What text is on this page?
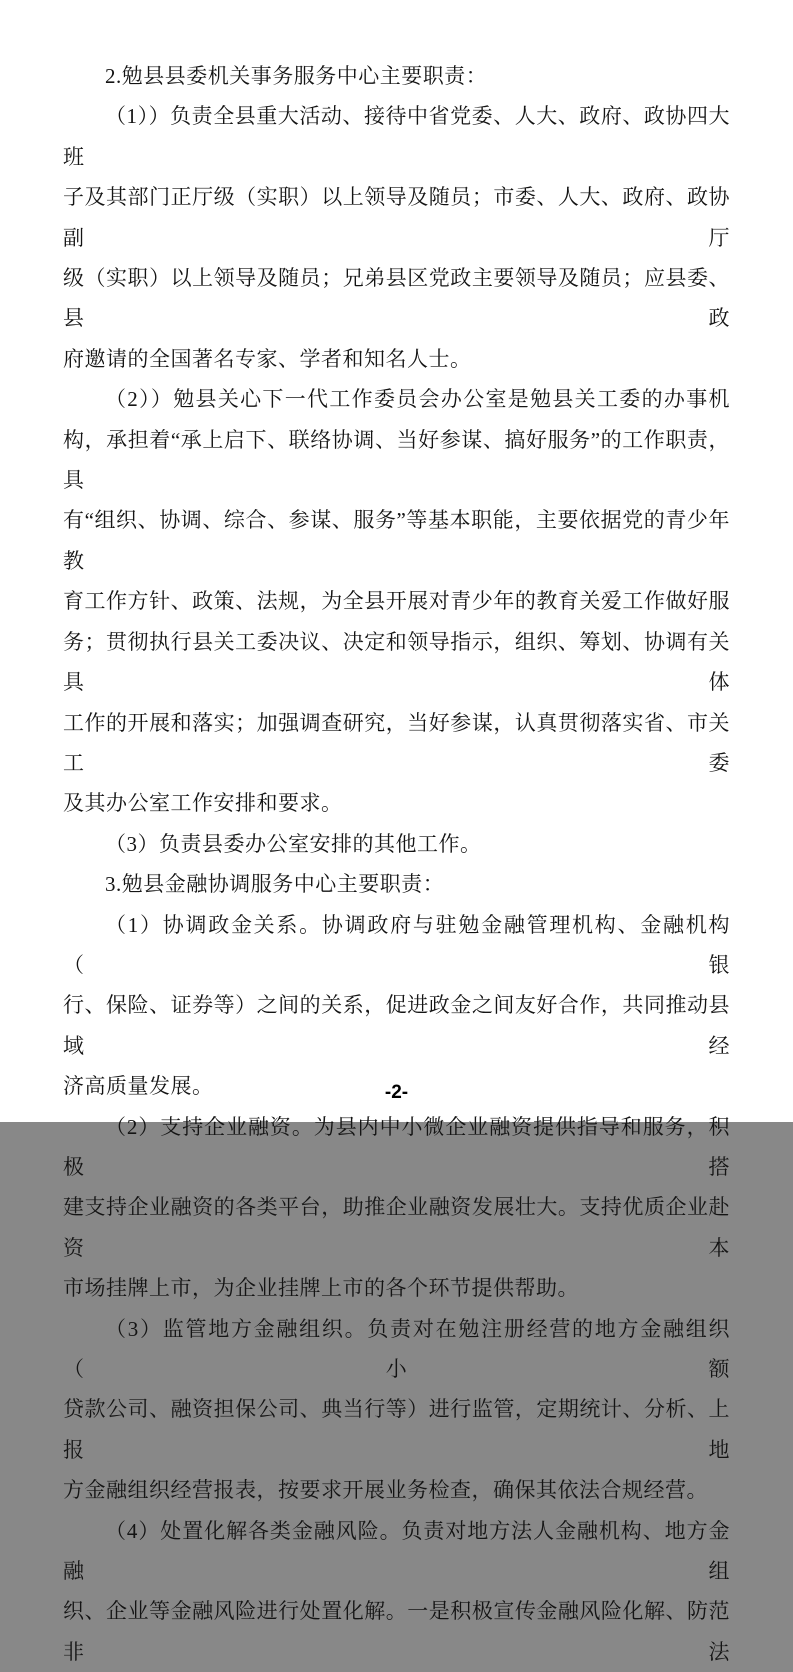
2.勉县县委机关事务服务中心主要职责：
（1））负责全县重大活动、接待中省党委、人大、政府、政协四大班
子及其部门正厅级（实职）以上领导及随员；市委、人大、政府、政协副厅
级（实职）以上领导及随员；兄弟县区党政主要领导及随员；应县委、县政
府邀请的全国著名专家、学者和知名人士。
（2））勉县关心下一代工作委员会办公室是勉县关工委的办事机
构，承担着“承上启下、联络协调、当好参谋、搞好服务”的工作职责，具
有“组织、协调、综合、参谋、服务”等基本职能，主要依据党的青少年教
育工作方针、政策、法规，为全县开展对青少年的教育关爱工作做好服
务；贯彻执行县关工委决议、决定和领导指示，组织、筹划、协调有关具体
工作的开展和落实；加强调查研究，当好参谋，认真贯彻落实省、市关工委
及其办公室工作安排和要求。
（3）负责县委办公室安排的其他工作。
3.勉县金融协调服务中心主要职责：
（1）协调政金关系。协调政府与驻勉金融管理机构、金融机构（银
行、保险、证券等）之间的关系，促进政金之间友好合作，共同推动县域经
济高质量发展。
（2）支持企业融资。为县内中小微企业融资提供指导和服务，积极搭
建支持企业融资的各类平台，助推企业融资发展壮大。支持优质企业赴资本
市场挂牌上市，为企业挂牌上市的各个环节提供帮助。
（3）监管地方金融组织。负责对在勉注册经营的地方金融组织（小额
贷款公司、融资担保公司、典当行等）进行监管，定期统计、分析、上报地
方金融组织经营报表，按要求开展业务检查，确保其依法合规经营。
（4）处置化解各类金融风险。负责对地方法人金融机构、地方金融组
织、企业等金融风险进行处置化解。一是积极宣传金融风险化解、防范非法
-2-
